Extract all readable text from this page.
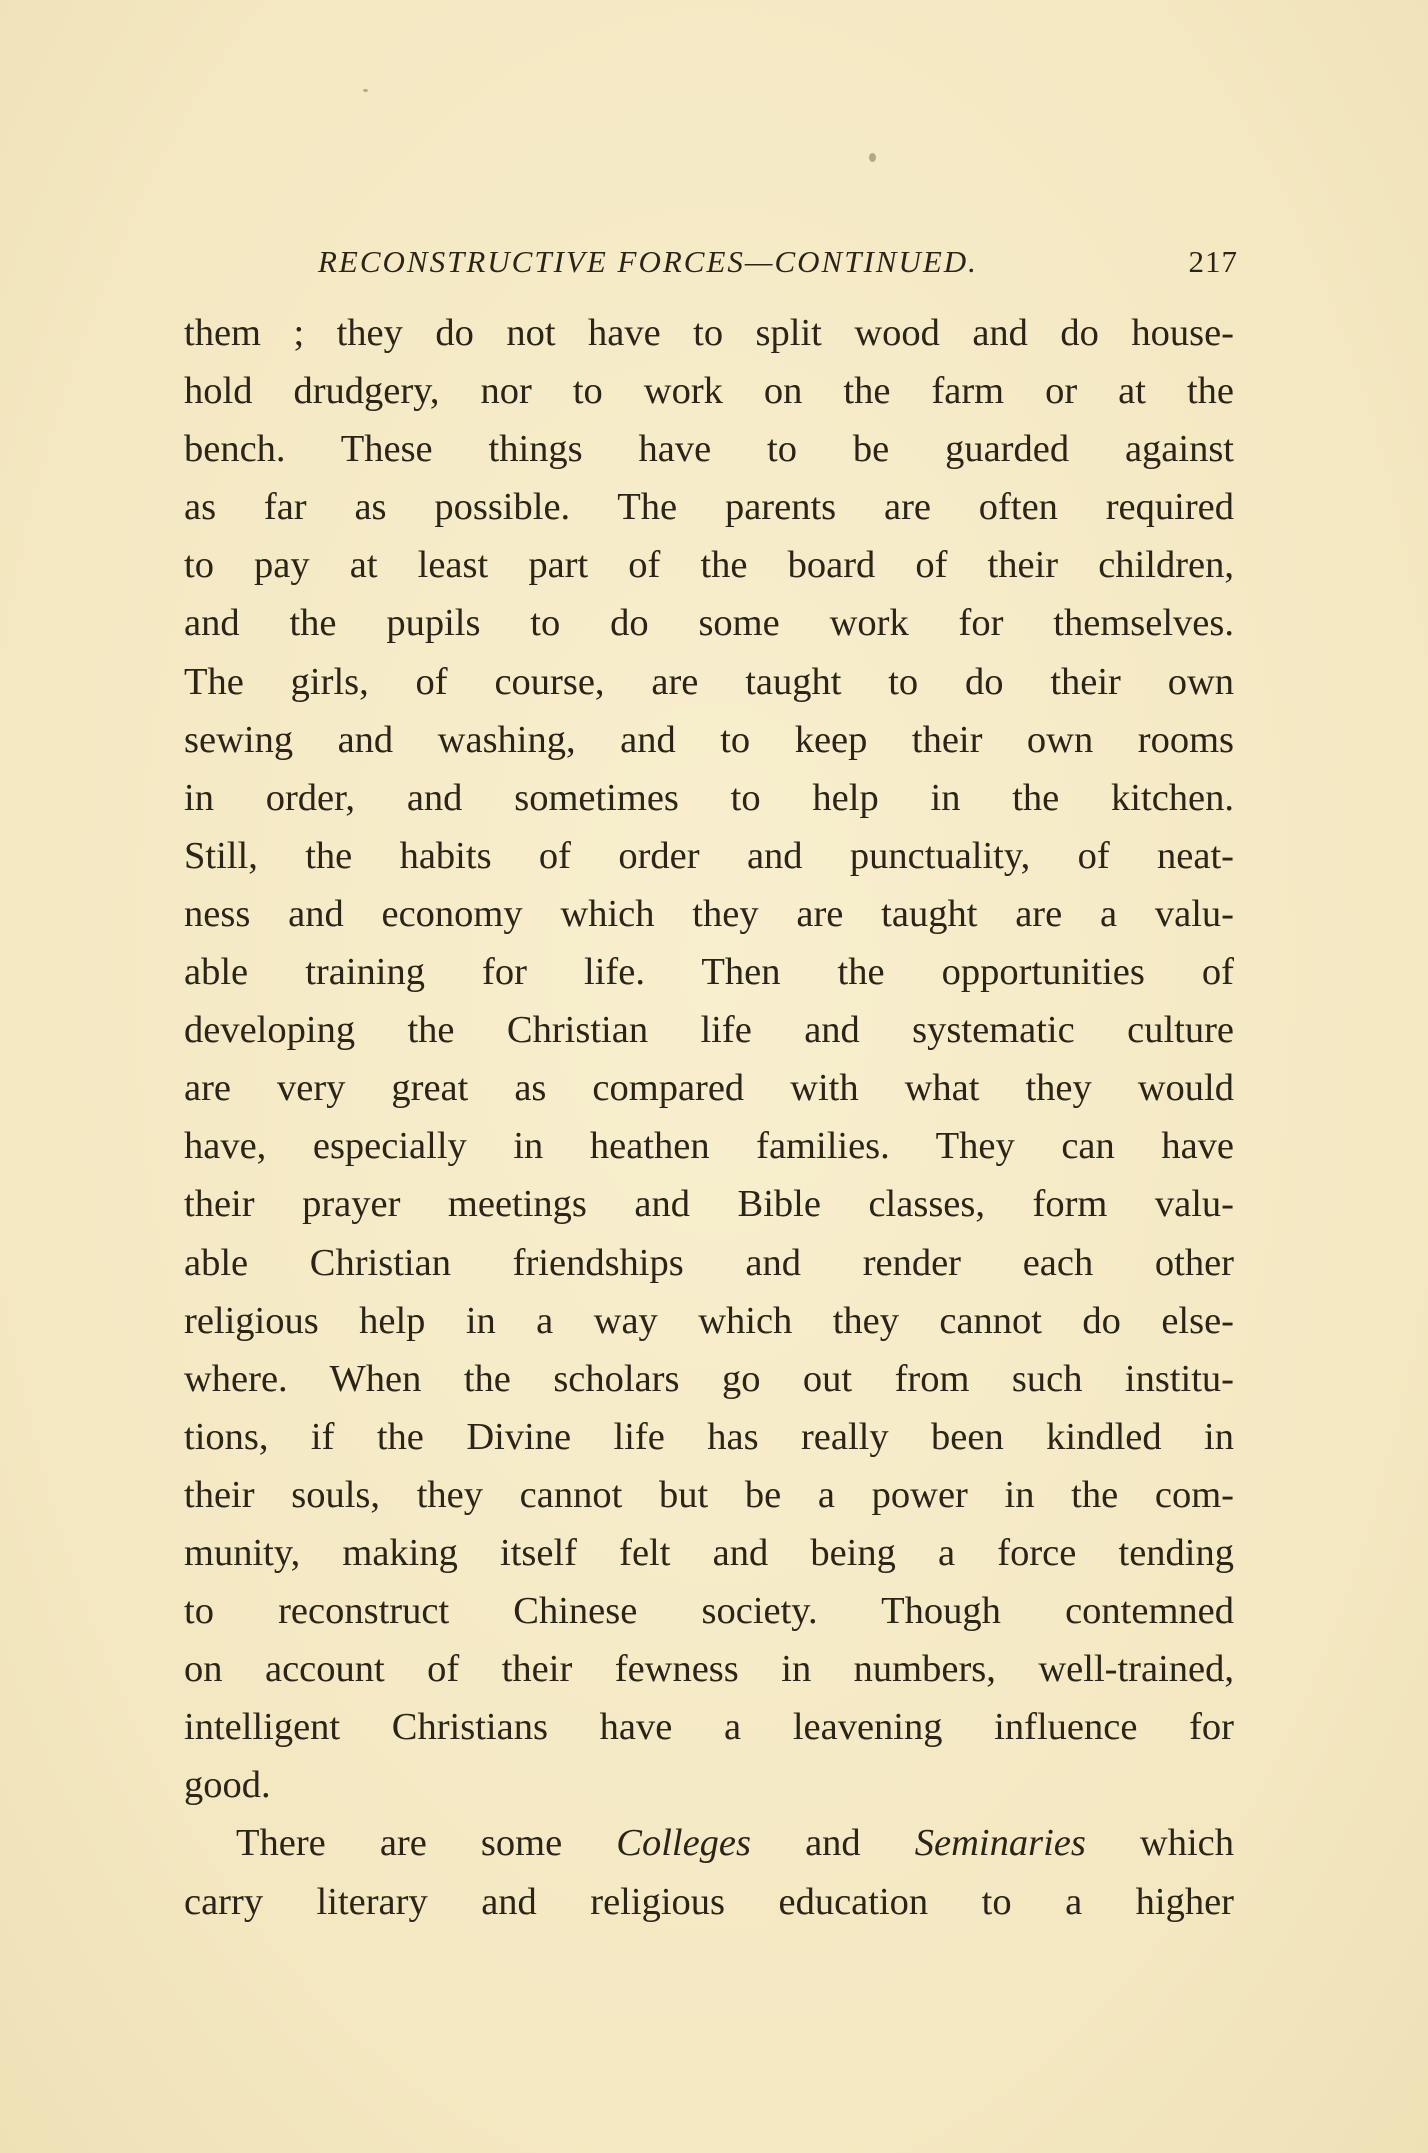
RECONSTRUCTIVE FORCES—CONTINUED.	217
them ; they do not have to split wood and do house-
hold drudgery, nor to work on the farm or at the
bench. These things have to be guarded against
as far as possible. The parents are often required
to pay at least part of the board of their children,
and the pupils to do some work for themselves.
The girls, of course, are taught to do their own
sewing and washing, and to keep their own rooms
in order, and sometimes to help in the kitchen.
Still, the habits of order and punctuality, of neat-
ness and economy which they are taught are a valu-
able training for life. Then the opportunities of
developing the Christian life and systematic culture
are very great as compared with what they would
have, especially in heathen families. They can have
their prayer meetings and Bible classes, form valu-
able Christian friendships and render each other
religious help in a way which they cannot do else-
where. When the scholars go out from such institu-
tions, if the Divine life has really been kindled in
their souls, they cannot but be a power in the com-
munity, making itself felt and being a force tending
to reconstruct Chinese society. Though contemned
on account of their fewness in numbers, well-trained,
intelligent Christians have a leavening influence for
good.
There are some Colleges and Seminaries which
carry literary and religious education to a higher
